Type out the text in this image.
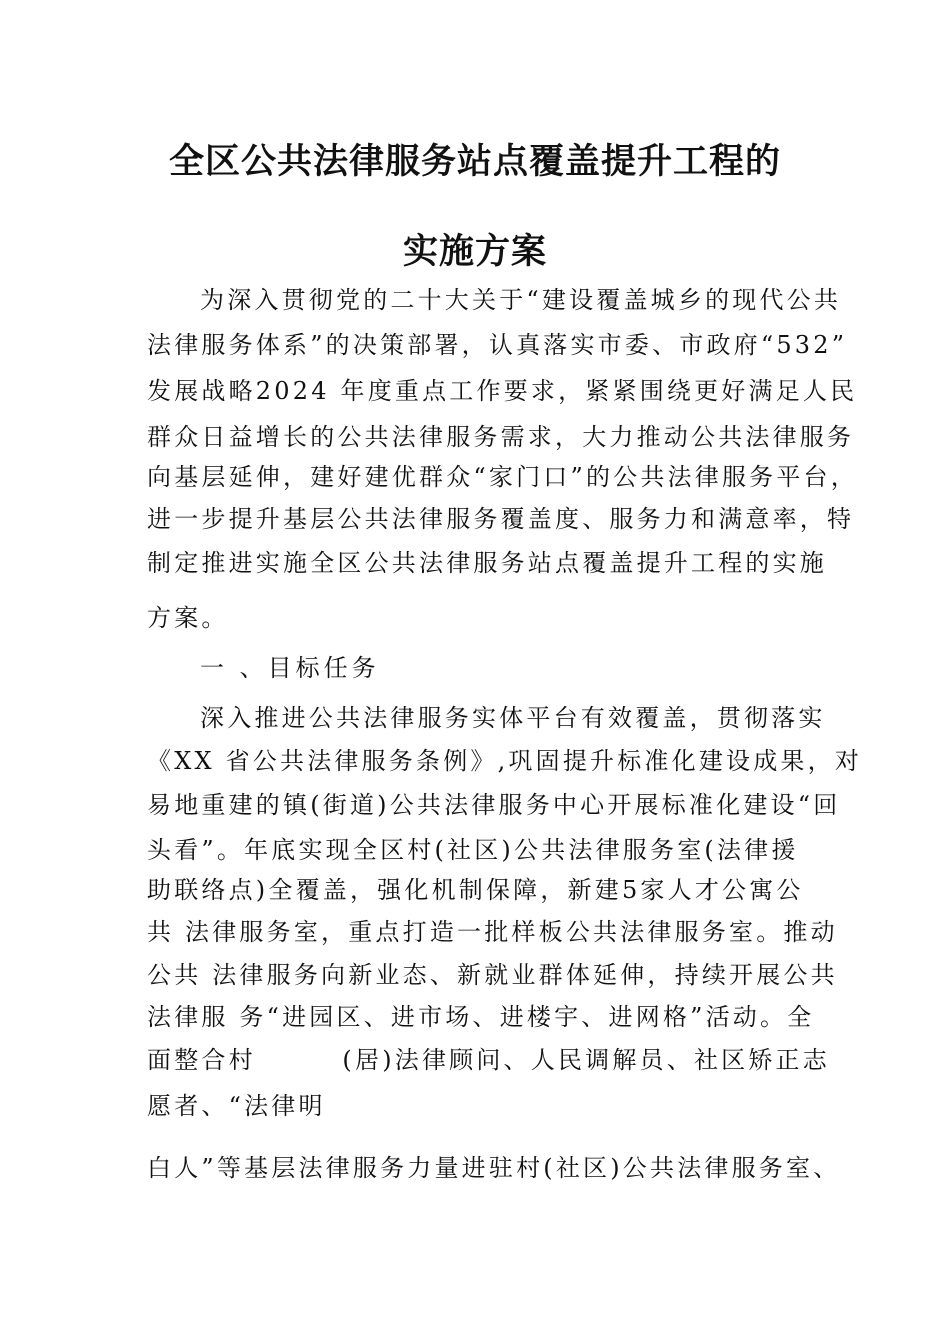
全区公共法律服务站点覆盖提升工程的
实施方案
为深入贯彻党的二十大关于“建设覆盖城乡的现代公共
法律服务体系”的决策部署，认真落实市委、市政府“532”
发展战略2024 年度重点工作要求，紧紧围绕更好满足人民
群众日益增长的公共法律服务需求，大力推动公共法律服务
向基层延伸，建好建优群众“家门口”的公共法律服务平台，
进一步提升基层公共法律服务覆盖度、服务力和满意率，特
制定推进实施全区公共法律服务站点覆盖提升工程的实施
方案。
一 、目标任务
深入推进公共法律服务实体平台有效覆盖，贯彻落实
《XX 省公共法律服务条例》,巩固提升标准化建设成果，对
易地重建的镇(街道)公共法律服务中心开展标准化建设“回
头看”。年底实现全区村(社区)公共法律服务室(法律援
助联络点)全覆盖，强化机制保障，新建5家人才公寓公
共 法律服务室，重点打造一批样板公共法律服务室。推动
公共 法律服务向新业态、新就业群体延伸，持续开展公共
法律服 务“进园区、进市场、进楼宇、进网格”活动。全
面整合村        (居)法律顾问、人民调解员、社区矫正志
愿者、“法律明
白人”等基层法律服务力量进驻村(社区)公共法律服务室、
